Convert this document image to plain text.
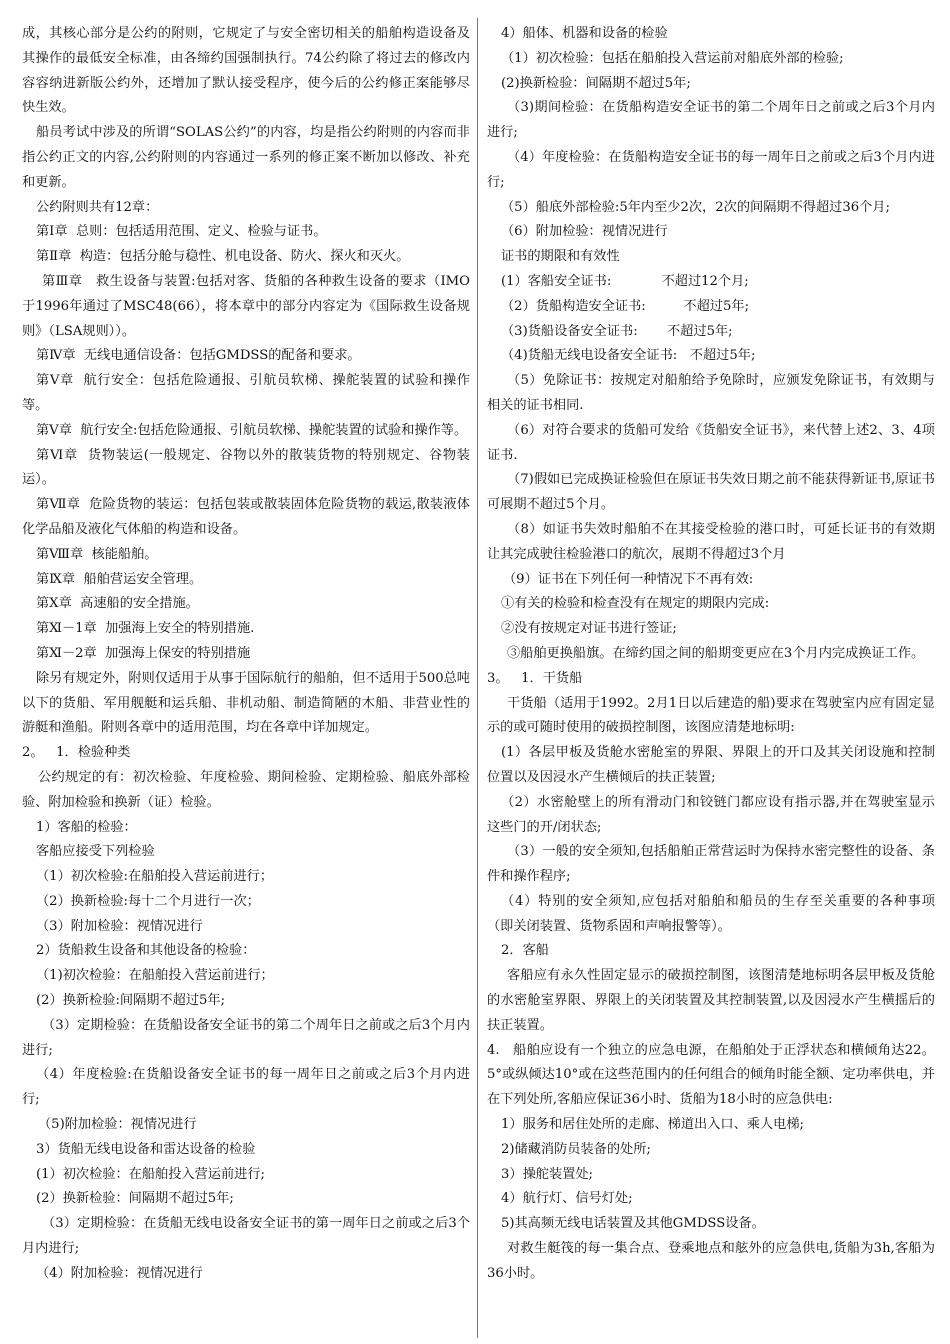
成，其核心部分是公约的附则，它规定了与安全密切相关的船舶构造设备及其操作的最低安全标准，由各缔约国强制执行。74公约除了将过去的修改内容容纳进新版公约外，还增加了默认接受程序，使今后的公约修正案能够尽快生效。

船员考试中涉及的所谓“SOLAS公约”的内容，均是指公约附则的内容而非指公约正文的内容,公约附则的内容通过一系列的修正案不断加以修改、补充和更新。

公约附则共有12章：

第Ⅰ章  总则：包括适用范围、定义、检验与证书。

第Ⅱ章  构造：包括分舱与稳性、机电设备、防火、探火和灭火。

第Ⅲ章   救生设备与装置:包括对客、货船的各种救生设备的要求（IMO于1996年通过了MSC48(66），将本章中的部分内容定为《国际救生设备规则》（LSA规则））。

第Ⅳ章  无线电通信设备：包括GMDSS的配备和要求。

第Ⅴ章  航行安全：包括危险通报、引航员软梯、操舵装置的试验和操作等。

第Ⅴ章  航行安全:包括危险通报、引航员软梯、操舵装置的试验和操作等。

第Ⅵ章  货物装运(一般规定、谷物以外的散装货物的特别规定、谷物装运）。

第Ⅶ章  危险货物的装运：包括包装或散装固体危险货物的载运,散装液体化学品船及液化气体船的构造和设备。

第Ⅷ章  核能船舶。

第Ⅸ章  船舶营运安全管理。

第Ⅹ章  高速船的安全措施。

第Ⅺ－1章  加强海上安全的特别措施.

第Ⅺ－2章  加强海上保安的特别措施

除另有规定外，附则仅适用于从事于国际航行的船舶，但不适用于500总吨以下的货船、军用舰艇和运兵船、非机动船、制造简陋的木船、非营业性的游艇和渔船。附则各章中的适用范围，均在各章中详加规定。

2。   1．检验种类

公约规定的有：初次检验、年度检验、期间检验、定期检验、船底外部检验、附加检验和换新（证）检验。

1）客船的检验：

客船应接受下列检验

（1）初次检验:在船舶投入营运前进行；

（2）换新检验:每十二个月进行一次；

（3）附加检验：视情况进行

2）货船救生设备和其他设备的检验：

（1)初次检验：在船舶投入营运前进行；

(2）换新检验:间隔期不超过5年;

（3）定期检验：在货船设备安全证书的第二个周年日之前或之后3个月内进行;

（4）年度检验:在货船设备安全证书的每一周年日之前或之后3个月内进行;

（5)附加检验：视情况进行

3）货船无线电设备和雷达设备的检验

(1）初次检验：在船舶投入营运前进行;

(2）换新检验：间隔期不超过5年;

（3）定期检验：在货船无线电设备安全证书的第一周年日之前或之后3个月内进行;

（4）附加检验：视情况进行

4）船体、机器和设备的检验

（1）初次检验：包括在船舶投入营运前对船底外部的检验;

(2)换新检验：间隔期不超过5年;

（3)期间检验：在货船构造安全证书的第二个周年日之前或之后3个月内进行;

（4）年度检验：在货船构造安全证书的每一周年日之前或之后3个月内进行;

（5）船底外部检验:5年内至少2次，2次的间隔期不得超过36个月;

（6）附加检验：视情况进行

证书的期限和有效性

(1）客船安全证书:            不超过12个月;

（2）货船构造安全证书:         不超过5年;

（3)货船设备安全证书:       不超过5年;

（4)货船无线电设备安全证书:   不超过5年;

（5）免除证书：按规定对船舶给予免除时，应颁发免除证书，有效期与相关的证书相同.

（6）对符合要求的货船可发给《货船安全证书》，来代替上述2、3、4项证书.

（7)假如已完成换证检验但在原证书失效日期之前不能获得新证书,原证书可展期不超过5个月。

（8）如证书失效时船舶不在其接受检验的港口时，可延长证书的有效期让其完成驶往检验港口的航次，展期不得超过3个月

（9）证书在下列任何一种情况下不再有效:

①有关的检验和检查没有在规定的期限内完成:

②没有按规定对证书进行签证;

③船舶更换船旗。在缔约国之间的船期变更应在3个月内完成换证工作。

3。   1．干货船

干货船（适用于1992。2月1日以后建造的船)要求在驾驶室内应有固定显示的或可随时使用的破损控制图，该图应清楚地标明:

(1）各层甲板及货舱水密舱室的界限、界限上的开口及其关闭设施和控制位置以及因浸水产生横倾后的扶正装置;

（2）水密舱壁上的所有滑动门和铰链门都应设有指示器,并在驾驶室显示这些门的开/闭状态;

（3）一般的安全须知,包括船舶正常营运时为保持水密完整性的设备、条件和操作程序;

（4）特别的安全须知,应包括对船舶和船员的生存至关重要的各种事项（即关闭装置、货物系固和声响报警等）。

2．客船

客船应有永久性固定显示的破损控制图，该图清楚地标明各层甲板及货舱的水密舱室界限、界限上的关闭装置及其控制装置,以及因浸水产生横摇后的扶正装置。

4.   船舶应设有一个独立的应急电源，在船舶处于正浮状态和横倾角达22。5°或纵倾达10°或在这些范围内的任何组合的倾角时能全额、定功率供电，并在下列处所,客船应保证36小时、货船为18小时的应急供电:

1）服务和居住处所的走廊、梯道出入口、乘人电梯;

2)储藏消防员装备的处所;

3）操舵装置处;

4）航行灯、信号灯处;

5)其高频无线电话装置及其他GMDSS设备。

对救生艇筏的每一集合点、登乘地点和舷外的应急供电,货船为3h,客船为36小时。
